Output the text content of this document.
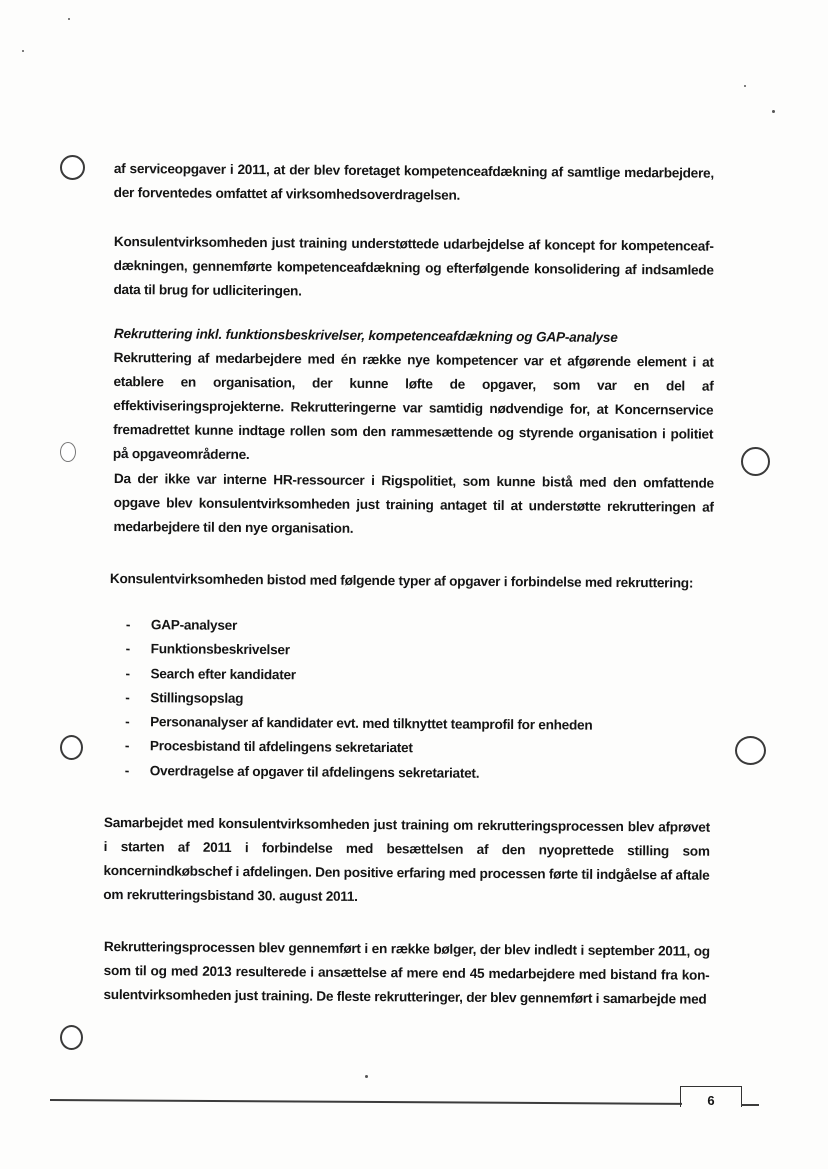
af serviceopgaver i 2011, at der blev foretaget kompetenceafdækning af samtlige medarbejdere, der forventedes omfattet af virksomhedsoverdragelsen.

Konsulentvirksomheden just training understøttede udarbejdelse af koncept for kompetenceafdækningen, gennemførte kompetenceafdækning og efterfølgende konsolidering af indsamlede data til brug for udliciteringen.

Rekruttering inkl. funktionsbeskrivelser, kompetenceafdækning og GAP-analyse

Rekruttering af medarbejdere med én række nye kompetencer var et afgørende element i at etablere en organisation, der kunne løfte de opgaver, som var en del af effektiviseringsprojekterne. Rekrutteringerne var samtidig nødvendige for, at Koncernservice fremadrettet kunne indtage rollen som den rammesættende og styrende organisation i politiet på opgaveområderne.

Da der ikke var interne HR-ressourcer i Rigspolitiet, som kunne bistå med den omfattende opgave blev konsulentvirksomheden just training antaget til at understøtte rekrutteringen af medarbejdere til den nye organisation.

Konsulentvirksomheden bistod med følgende typer af opgaver i forbindelse med rekruttering:

-	GAP-analyser
-	Funktionsbeskrivelser
-	Search efter kandidater
-	Stillingsopslag
-	Personanalyser af kandidater evt. med tilknyttet teamprofil for enheden
-	Procesbistand til afdelingens sekretariatet
-	Overdragelse af opgaver til afdelingens sekretariatet.

Samarbejdet med konsulentvirksomheden just training om rekrutteringsprocessen blev afprøvet i starten af 2011 i forbindelse med besættelsen af den nyoprettede stilling som koncernindkøbschef i afdelingen. Den positive erfaring med processen førte til indgåelse af aftale om rekrutteringsbistand 30. august 2011.

Rekrutteringsprocessen blev gennemført i en række bølger, der blev indledt i september 2011, og som til og med 2013 resulterede i ansættelse af mere end 45 medarbejdere med bistand fra konsulentvirksomheden just training. De fleste rekrutteringer, der blev gennemført i samarbejde med

6
